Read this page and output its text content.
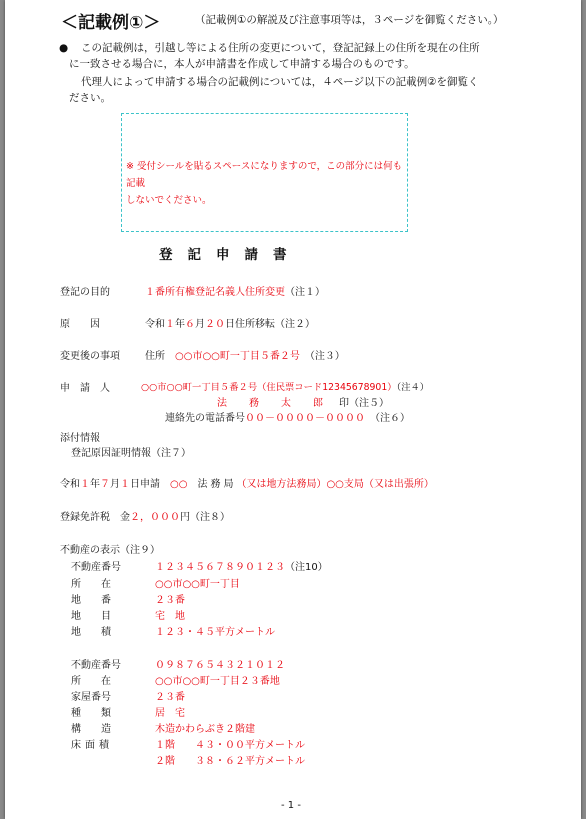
＜記載例①＞	（記載例①の解説及び注意事項等は，３ページを御覧ください。）
● この記載例は，引越し等による住所の変更について，登記記録上の住所を現在の住所
に一致させる場合に，本人が申請書を作成して申請する場合のものです。
代理人によって申請する場合の記載例については，４ページ以下の記載例②を御覧く
ださい。
※ 受付シールを貼るスペースになりますので，この部分には何も記載
しないでください。
登記申請書
登記の目的	１番所有権登記名義人住所変更（注１）
原　　因	令和１年６月２０日住所移転（注２）
変更後の事項	住所　 ○○市○○町一丁目５番２号　 （注３）
申　請　人	○○市○○町一丁目５番２号（住民票コード12345678901）（注４）
法　務　太　郎　 印（注５）
連絡先の電話番号００－００００－００００　 （注６）
添付情報
登記原因証明情報（注７）
令和１年７月１日申請　 ○○　 法務局（又は地方法務局）○○支局（又は出張所）
登録免許税　 金２，０００円（注８）
不動産の表示（注９）
不動産番号	１２３４５６７８９０１２３（注10）
所　　在	○○市○○町一丁目
地　　番	２３番
地　　目	宅　地
地　　積	１２３・４５平方メートル
不動産番号	０９８７６５４３２１０１２
所　　在	○○市○○町一丁目２３番地
家屋番号	２３番
種　　類	居　宅
構　　造	木造かわらぶき２階建
床面積	１階　　４３・００平方メートル
２階　　３８・６２平方メートル
- 1 -
